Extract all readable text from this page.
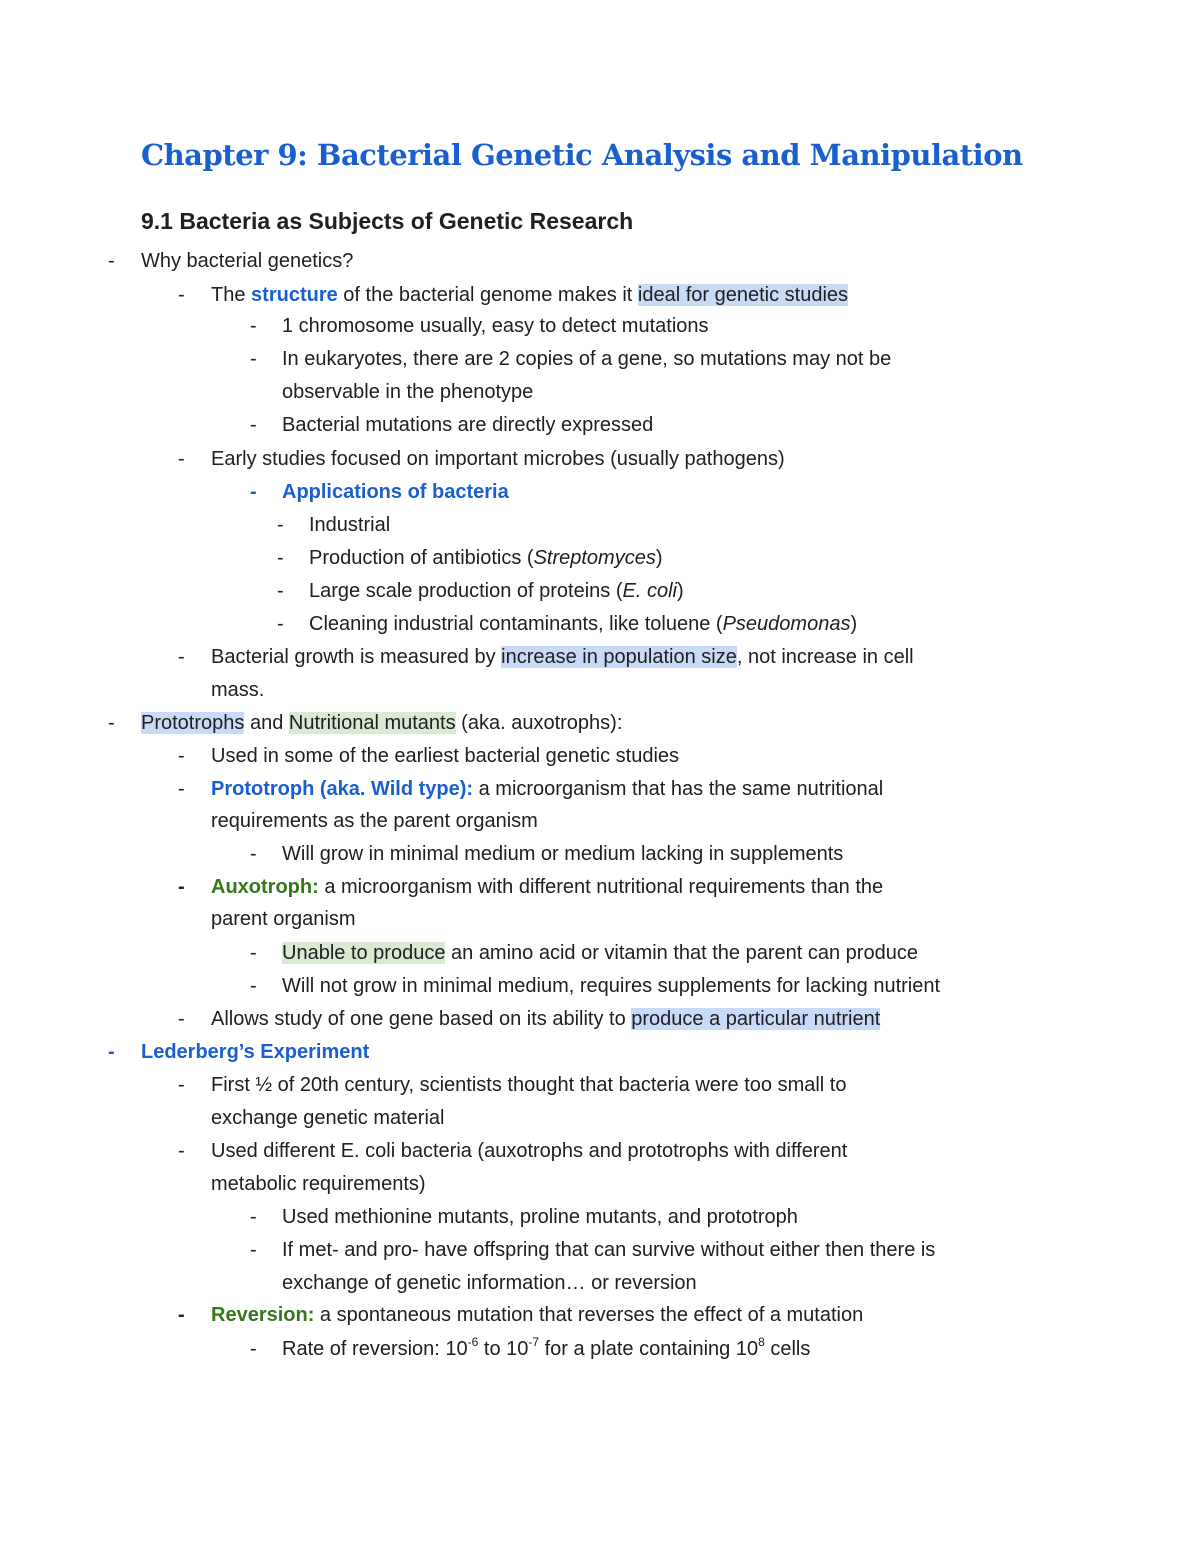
Chapter 9: Bacterial Genetic Analysis and Manipulation
9.1 Bacteria as Subjects of Genetic Research
- Why bacterial genetics?
- The structure of the bacterial genome makes it ideal for genetic studies
- 1 chromosome usually, easy to detect mutations
- In eukaryotes, there are 2 copies of a gene, so mutations may not be
observable in the phenotype
- Bacterial mutations are directly expressed
- Early studies focused on important microbes (usually pathogens)
- Applications of bacteria
- Industrial
- Production of antibiotics (Streptomyces)
- Large scale production of proteins (E. coli)
- Cleaning industrial contaminants, like toluene (Pseudomonas)
- Bacterial growth is measured by increase in population size, not increase in cell
mass.
- Prototrophs and Nutritional mutants (aka. auxotrophs):
- Used in some of the earliest bacterial genetic studies
- Prototroph (aka. Wild type): a microorganism that has the same nutritional
requirements as the parent organism
- Will grow in minimal medium or medium lacking in supplements
- Auxotroph: a microorganism with different nutritional requirements than the
parent organism
- Unable to produce an amino acid or vitamin that the parent can produce
- Will not grow in minimal medium, requires supplements for lacking nutrient
- Allows study of one gene based on its ability to produce a particular nutrient
- Lederberg’s Experiment
- First ½ of 20th century, scientists thought that bacteria were too small to
exchange genetic material
- Used different E. coli bacteria (auxotrophs and prototrophs with different
metabolic requirements)
- Used methionine mutants, proline mutants, and prototroph
- If met- and pro- have offspring that can survive without either then there is
exchange of genetic information… or reversion
- Reversion: a spontaneous mutation that reverses the effect of a mutation
- Rate of reversion: $10^{-6}$ to $10^{-7}$ for a plate containing $10^8$ cells
